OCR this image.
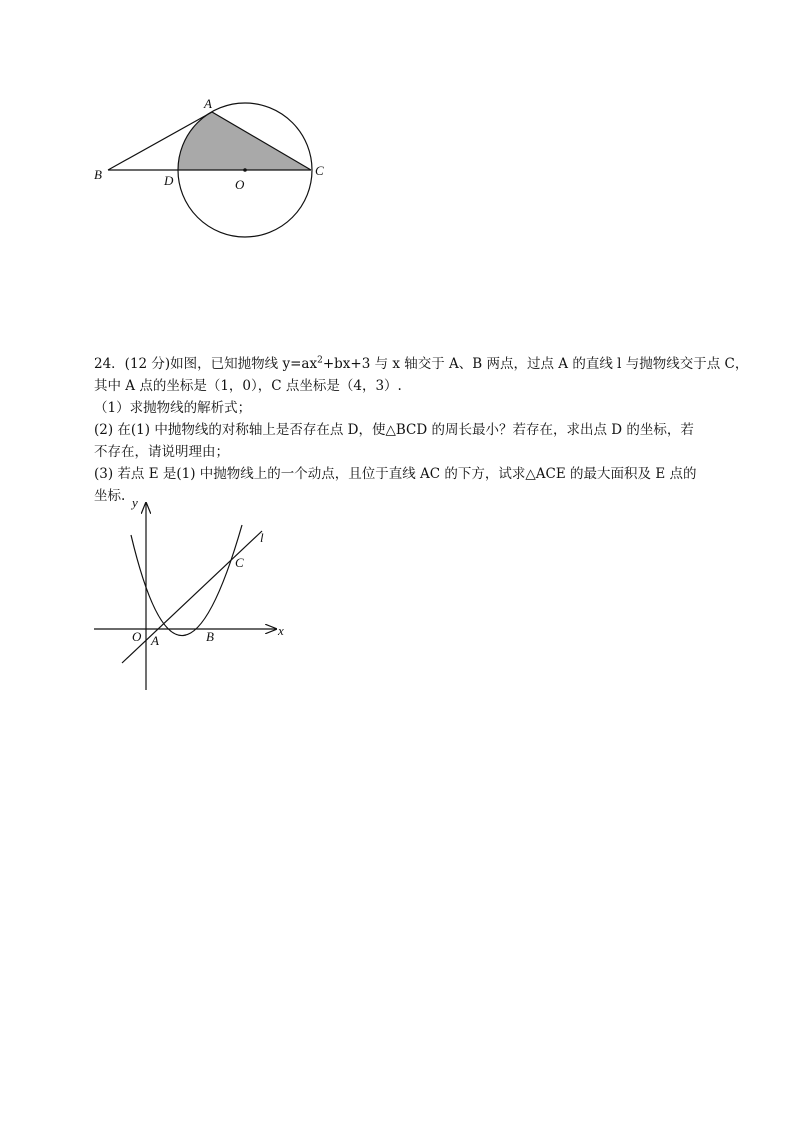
A
B	C
D	O

24．(12 分)如图，已知抛物线 $y=ax^2+bx+3$ 与 x 轴交于 A、B 两点，过点 A 的直线 l 与抛物线交于点 C，

其中 A 点的坐标是（1，0），C 点坐标是（4，3）.

（1）求抛物线的解析式；

(2) 在(1) 中抛物线的对称轴上是否存在点 D，使△BCD 的周长最小？若存在，求出点 D 的坐标，若

不存在，请说明理由；

(3) 若点 E 是(1) 中抛物线上的一个动点，且位于直线 AC 的下方，试求△ACE 的最大面积及 E 点的

坐标. y
x
O A	B
C
l
